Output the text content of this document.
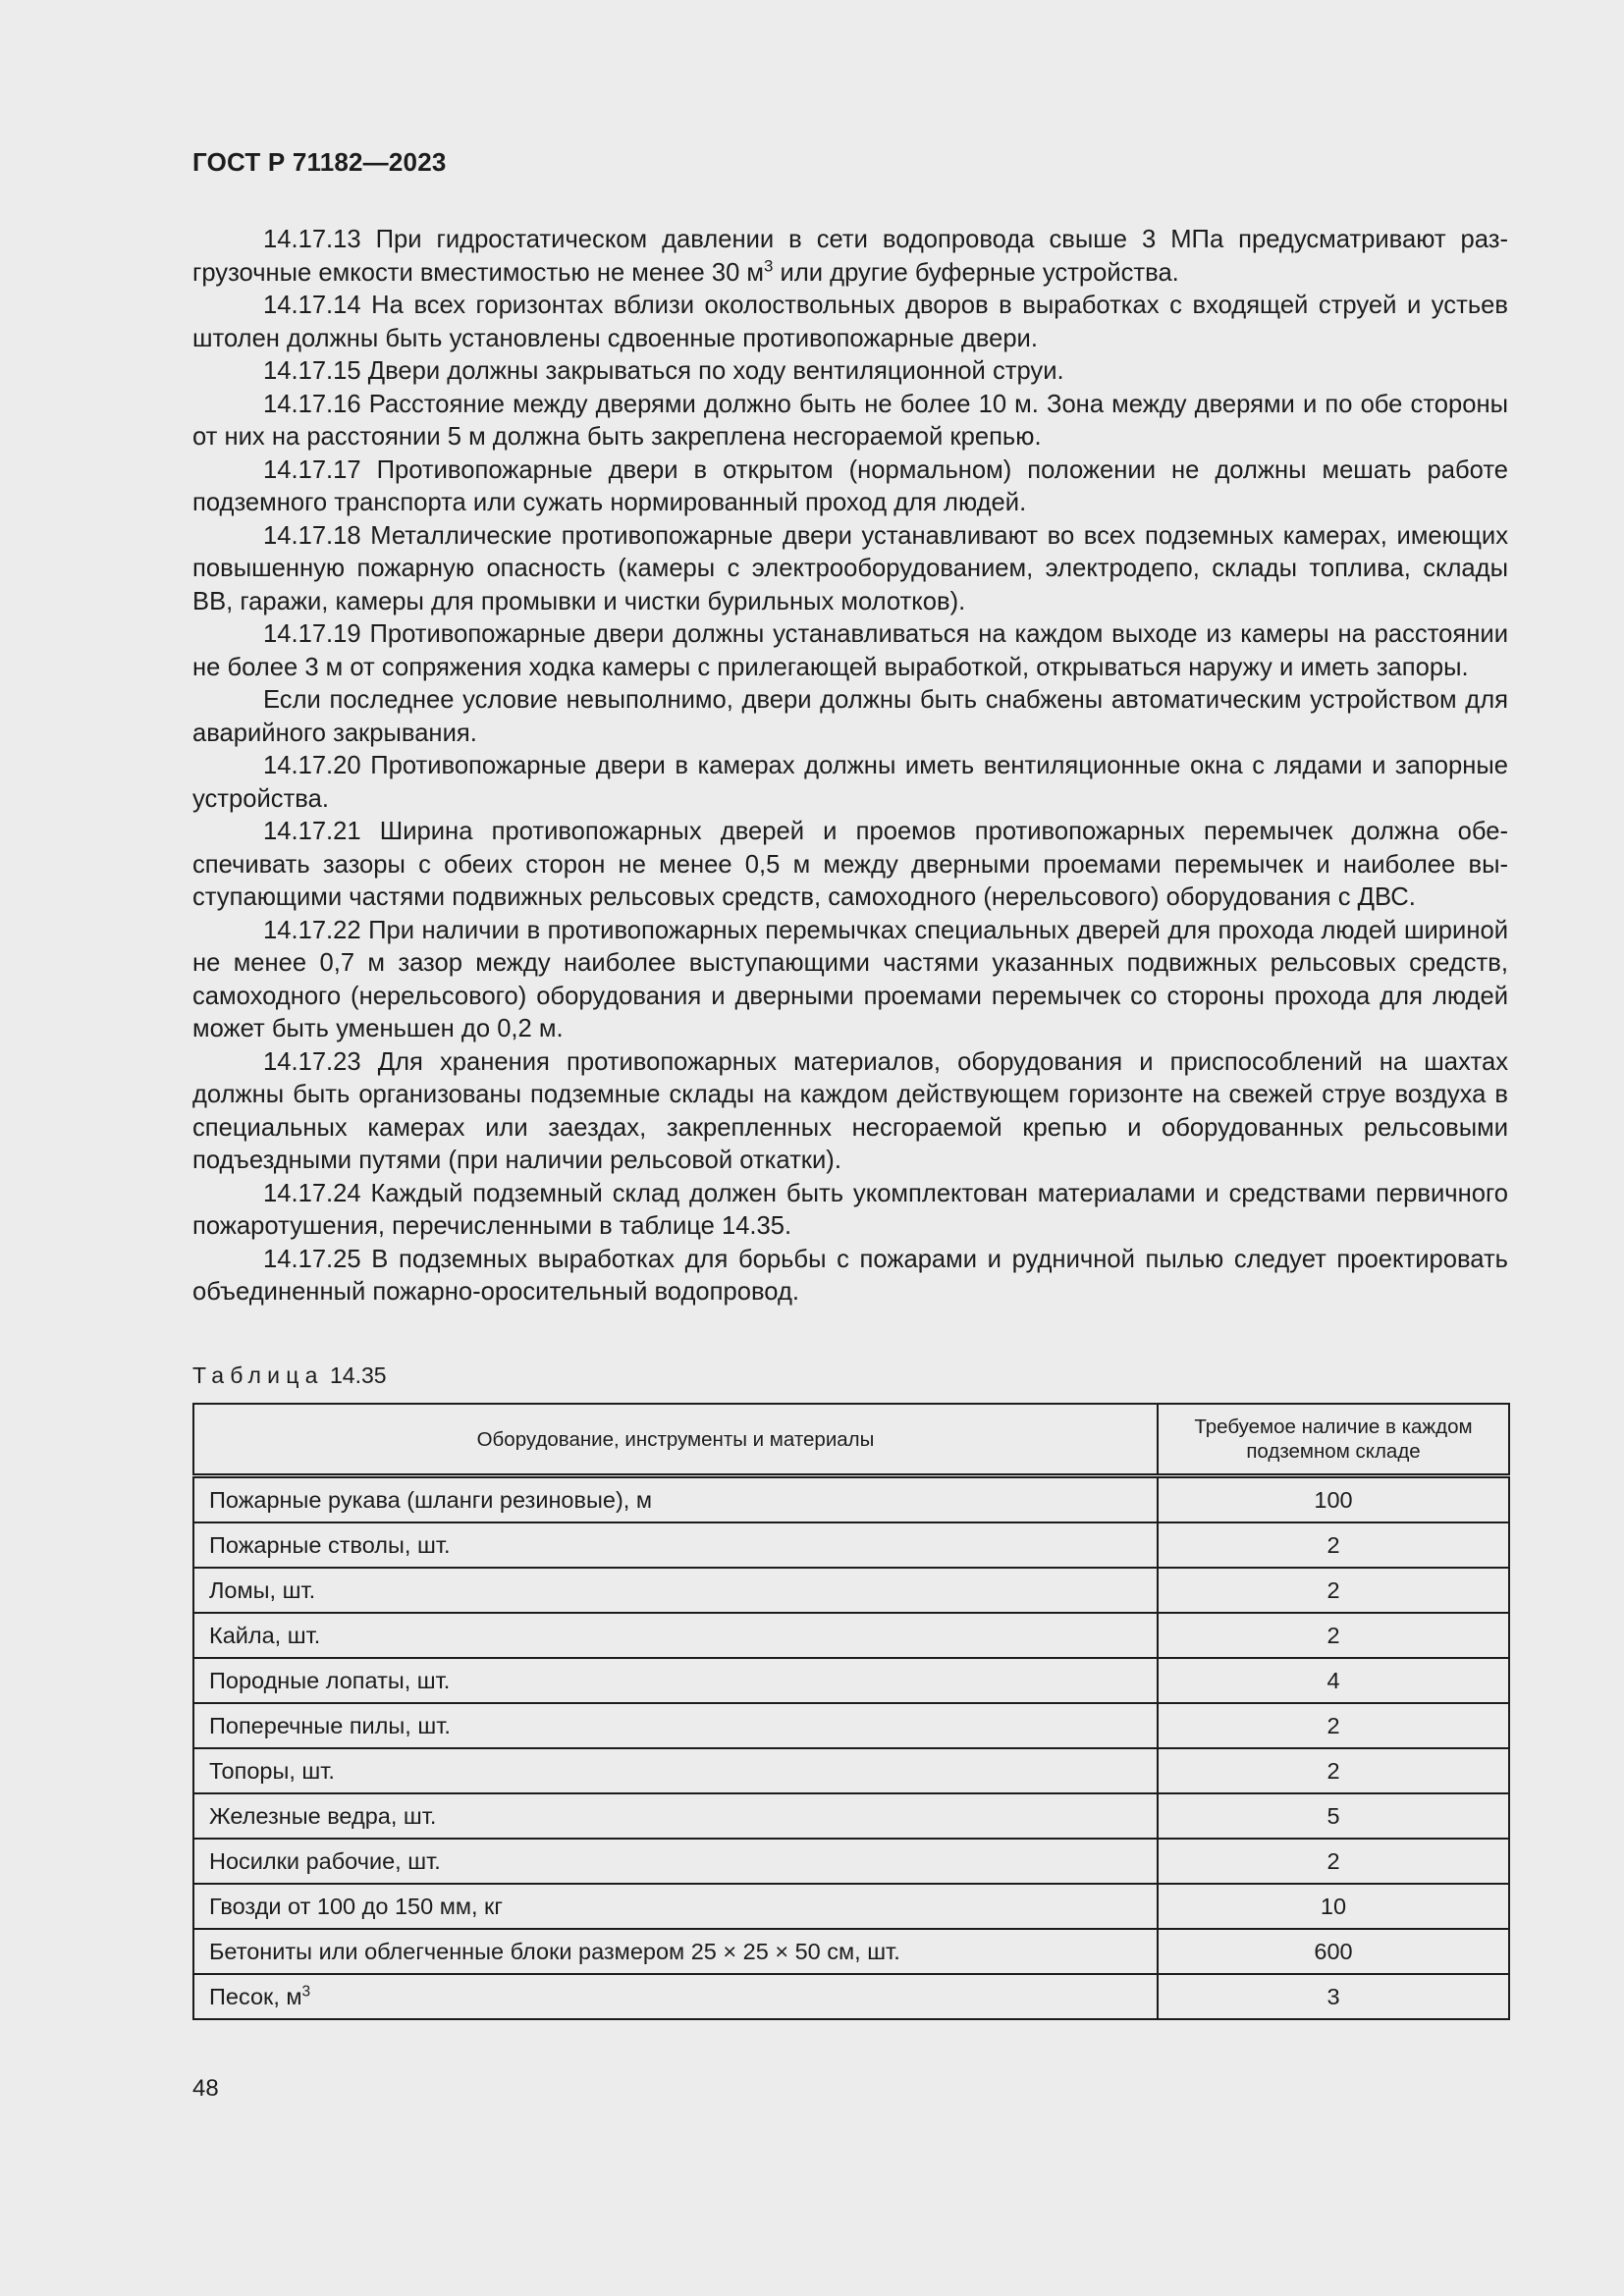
ГОСТ Р 71182—2023

14.17.13 При гидростатическом давлении в сети водопровода свыше 3 МПа предусматривают разгрузочные емкости вместимостью не менее 30 $м^3$ или другие буферные устройства.

14.17.14 На всех горизонтах вблизи околоствольных дворов в выработках с входящей струей и устьев штолен должны быть установлены сдвоенные противопожарные двери.

14.17.15 Двери должны закрываться по ходу вентиляционной струи.

14.17.16 Расстояние между дверями должно быть не более 10 м. Зона между дверями и по обе стороны от них на расстоянии 5 м должна быть закреплена несгораемой крепью.

14.17.17 Противопожарные двери в открытом (нормальном) положении не должны мешать работе подземного транспорта или сужать нормированный проход для людей.

14.17.18 Металлические противопожарные двери устанавливают во всех подземных камерах, имеющих повышенную пожарную опасность (камеры с электрооборудованием, электродепо, склады топлива, склады ВВ, гаражи, камеры для промывки и чистки бурильных молотков).

14.17.19 Противопожарные двери должны устанавливаться на каждом выходе из камеры на расстоянии не более 3 м от сопряжения ходка камеры с прилегающей выработкой, открываться наружу и иметь запоры.

Если последнее условие невыполнимо, двери должны быть снабжены автоматическим устройством для аварийного закрывания.

14.17.20 Противопожарные двери в камерах должны иметь вентиляционные окна с лядами и запорные устройства.

14.17.21 Ширина противопожарных дверей и проемов противопожарных перемычек должна обеспечивать зазоры с обеих сторон не менее 0,5 м между дверными проемами перемычек и наиболее выступающими частями подвижных рельсовых средств, самоходного (нерельсового) оборудования с ДВС.

14.17.22 При наличии в противопожарных перемычках специальных дверей для прохода людей шириной не менее 0,7 м зазор между наиболее выступающими частями указанных подвижных рельсовых средств, самоходного (нерельсового) оборудования и дверными проемами перемычек со стороны прохода для людей может быть уменьшен до 0,2 м.

14.17.23 Для хранения противопожарных материалов, оборудования и приспособлений на шахтах должны быть организованы подземные склады на каждом действующем горизонте на свежей струе воздуха в специальных камерах или заездах, закрепленных несгораемой крепью и оборудованных рельсовыми подъездными путями (при наличии рельсовой откатки).

14.17.24 Каждый подземный склад должен быть укомплектован материалами и средствами первичного пожаротушения, перечисленными в таблице 14.35.

14.17.25 В подземных выработках для борьбы с пожарами и рудничной пылью следует проектировать объединенный пожарно-оросительный водопровод.

Таблица 14.35
Оборудование, инструменты и материалы	Требуемое наличие в каждом подземном складе
Пожарные рукава (шланги резиновые), м	100
Пожарные стволы, шт.	2
Ломы, шт.	2
Кайла, шт.	2
Породные лопаты, шт.	4
Поперечные пилы, шт.	2
Топоры, шт.	2
Железные ведра, шт.	5
Носилки рабочие, шт.	2
Гвозди от 100 до 150 мм, кг	10
Бетониты или облегченные блоки размером 25 × 25 × 50 см, шт.	600
Песок, $м^3$	3
48
